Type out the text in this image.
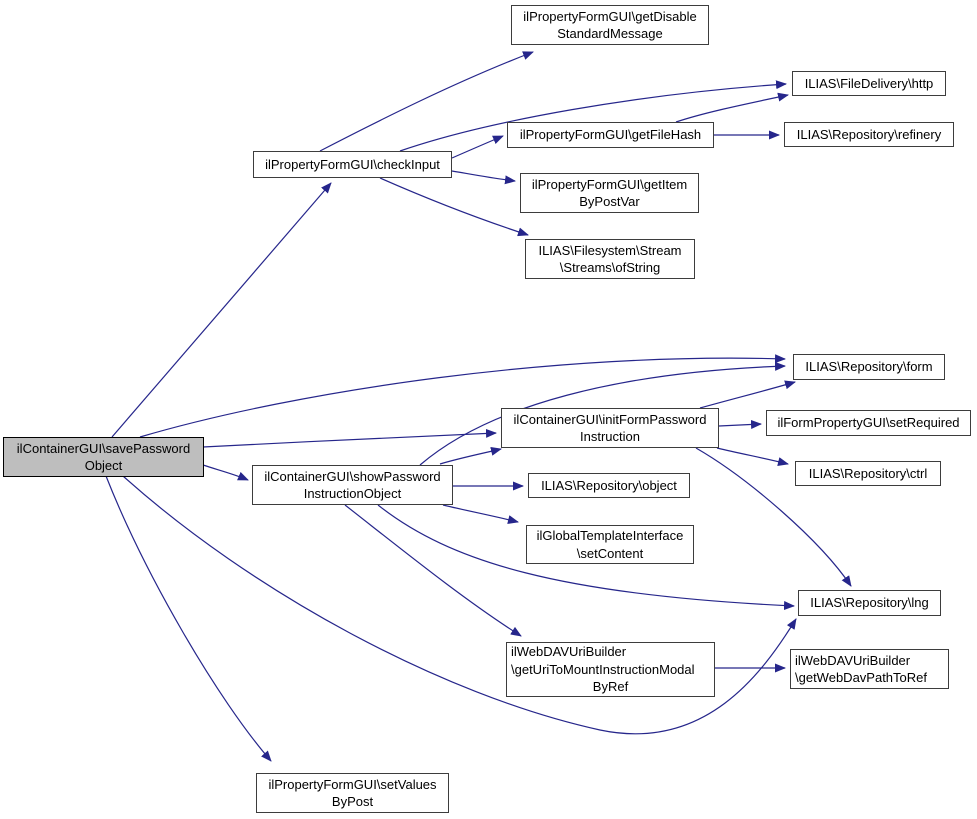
ilContainerGUI\savePassword
Object
ilPropertyFormGUI\checkInput
ilPropertyFormGUI\getDisable
StandardMessage
ILIAS\FileDelivery\http
ilPropertyFormGUI\getFileHash	ILIAS\Repository\refinery
ilPropertyFormGUI\getItem
ByPostVar
ILIAS\Filesystem\Stream
\Streams\ofString
ILIAS\Repository\form
ilContainerGUI\initFormPassword
Instruction
ilFormPropertyGUI\setRequired
ILIAS\Repository\ctrl
ilContainerGUI\showPassword
InstructionObject
ILIAS\Repository\object
ilGlobalTemplateInterface
\setContent
ILIAS\Repository\lng
ilWebDAVUriBuilder
\getUriToMountInstructionModal
ByRef
ilWebDAVUriBuilder
\getWebDavPathToRef
ilPropertyFormGUI\setValues
ByPost
